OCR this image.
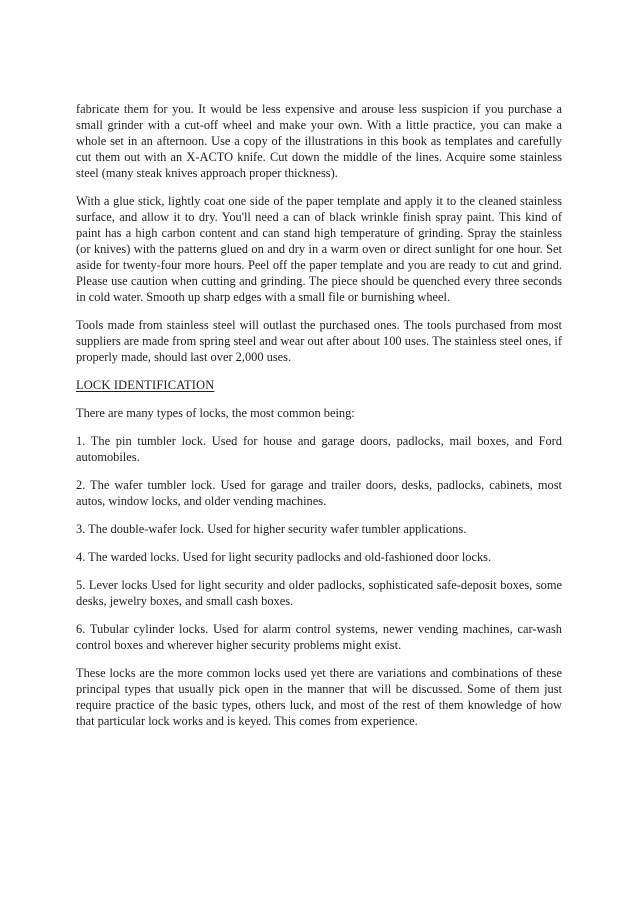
fabricate them for you. It would be less expensive and arouse less suspicion if you purchase a small grinder with a cut-off wheel and make your own. With a little practice, you can make a whole set in an afternoon. Use a copy of the illustrations in this book as templates and carefully cut them out with an X-ACTO knife. Cut down the middle of the lines. Acquire some stainless steel (many steak knives approach proper thickness).

With a glue stick, lightly coat one side of the paper template and apply it to the cleaned stainless surface, and allow it to dry. You'll need a can of black wrinkle finish spray paint. This kind of paint has a high carbon content and can stand high temperature of grinding. Spray the stainless (or knives) with the patterns glued on and dry in a warm oven or direct sunlight for one hour. Set aside for twenty-four more hours. Peel off the paper template and you are ready to cut and grind. Please use caution when cutting and grinding. The piece should be quenched every three seconds in cold water. Smooth up sharp edges with a small file or burnishing wheel.

Tools made from stainless steel will outlast the purchased ones. The tools purchased from most suppliers are made from spring steel and wear out after about 100 uses. The stainless steel ones, if properly made, should last over 2,000 uses.

LOCK IDENTIFICATION

There are many types of locks, the most common being:

1. The pin tumbler lock. Used for house and garage doors, padlocks, mail boxes, and Ford automobiles.

2. The wafer tumbler lock. Used for garage and trailer doors, desks, padlocks, cabinets, most autos, window locks, and older vending machines.

3. The double-wafer lock. Used for higher security wafer tumbler applications.

4. The warded locks. Used for light security padlocks and old-fashioned door locks.

5. Lever locks Used for light security and older padlocks, sophisticated safe-deposit boxes, some desks, jewelry boxes, and small cash boxes.

6. Tubular cylinder locks. Used for alarm control systems, newer vending machines, car-wash control boxes and wherever higher security problems might exist.

These locks are the more common locks used yet there are variations and combinations of these principal types that usually pick open in the manner that will be discussed. Some of them just require practice of the basic types, others luck, and most of the rest of them knowledge of how that particular lock works and is keyed. This comes from experience.
